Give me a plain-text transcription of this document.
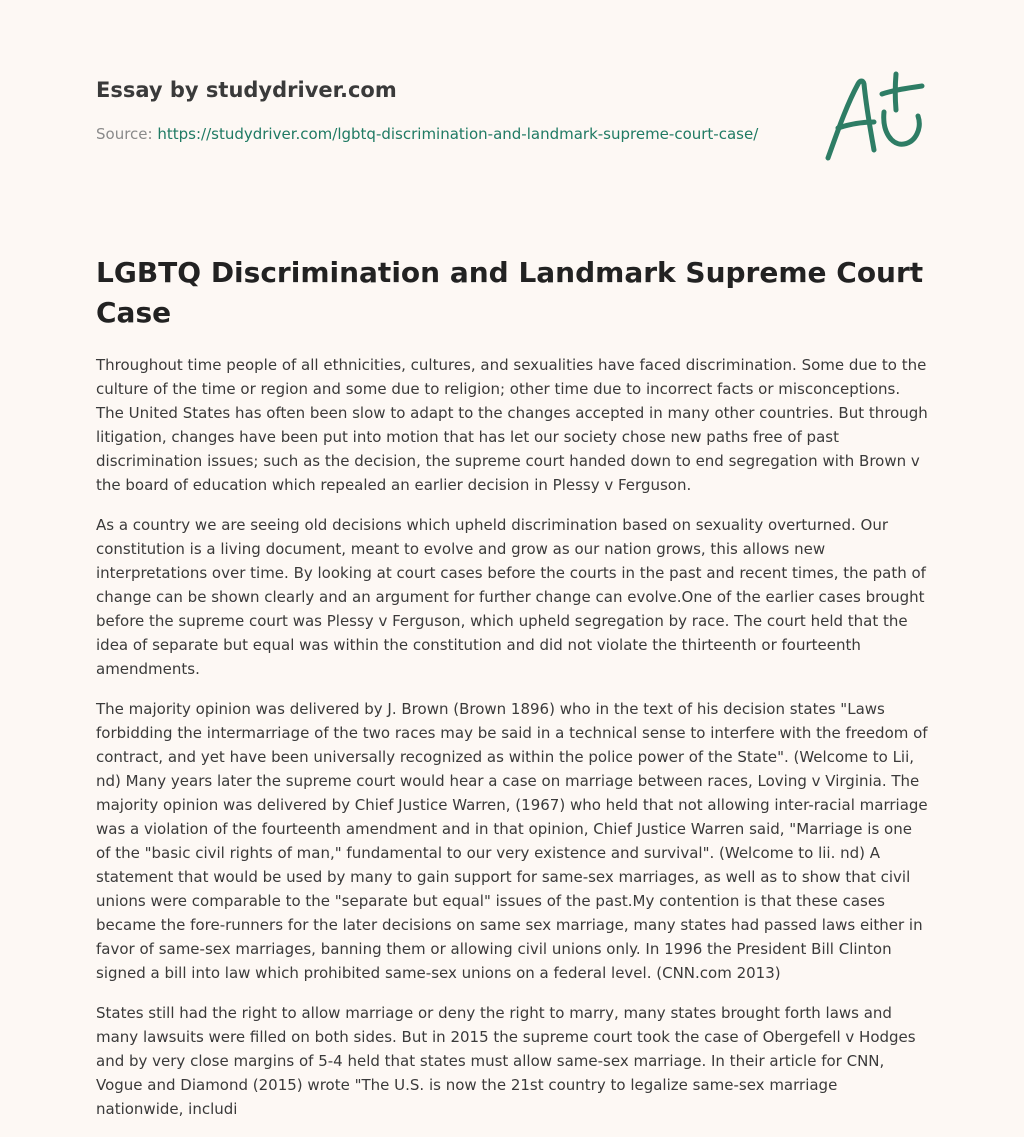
Essay by studydriver.com
Source: https://studydriver.com/lgbtq-discrimination-and-landmark-supreme-court-case/
LGBTQ Discrimination and Landmark Supreme Court Case

Throughout time people of all ethnicities, cultures, and sexualities have faced discrimination. Some due to the culture of the time or region and some due to religion; other time due to incorrect facts or misconceptions. The United States has often been slow to adapt to the changes accepted in many other countries. But through litigation, changes have been put into motion that has let our society chose new paths free of past discrimination issues; such as the decision, the supreme court handed down to end segregation with Brown v the board of education which repealed an earlier decision in Plessy v Ferguson.

As a country we are seeing old decisions which upheld discrimination based on sexuality overturned. Our constitution is a living document, meant to evolve and grow as our nation grows, this allows new interpretations over time. By looking at court cases before the courts in the past and recent times, the path of change can be shown clearly and an argument for further change can evolve.One of the earlier cases brought before the supreme court was Plessy v Ferguson, which upheld segregation by race. The court held that the idea of separate but equal was within the constitution and did not violate the thirteenth or fourteenth amendments.

The majority opinion was delivered by J. Brown (Brown 1896) who in the text of his decision states "Laws forbidding the intermarriage of the two races may be said in a technical sense to interfere with the freedom of contract, and yet have been universally recognized as within the police power of the State". (Welcome to Lii, nd) Many years later the supreme court would hear a case on marriage between races, Loving v Virginia. The majority opinion was delivered by Chief Justice Warren, (1967) who held that not allowing inter-racial marriage was a violation of the fourteenth amendment and in that opinion, Chief Justice Warren said, "Marriage is one of the "basic civil rights of man," fundamental to our very existence and survival". (Welcome to lii. nd) A statement that would be used by many to gain support for same-sex marriages, as well as to show that civil unions were comparable to the "separate but equal" issues of the past.My contention is that these cases became the fore-runners for the later decisions on same sex marriage, many states had passed laws either in favor of same-sex marriages, banning them or allowing civil unions only. In 1996 the President Bill Clinton signed a bill into law which prohibited same-sex unions on a federal level. (CNN.com 2013)

States still had the right to allow marriage or deny the right to marry, many states brought forth laws and many lawsuits were filled on both sides. But in 2015 the supreme court took the case of Obergefell v Hodges and by very close margins of 5-4 held that states must allow same-sex marriage. In their article for CNN, Vogue and Diamond (2015) wrote "The U.S. is now the 21st country to legalize same-sex marriage nationwide, includi
